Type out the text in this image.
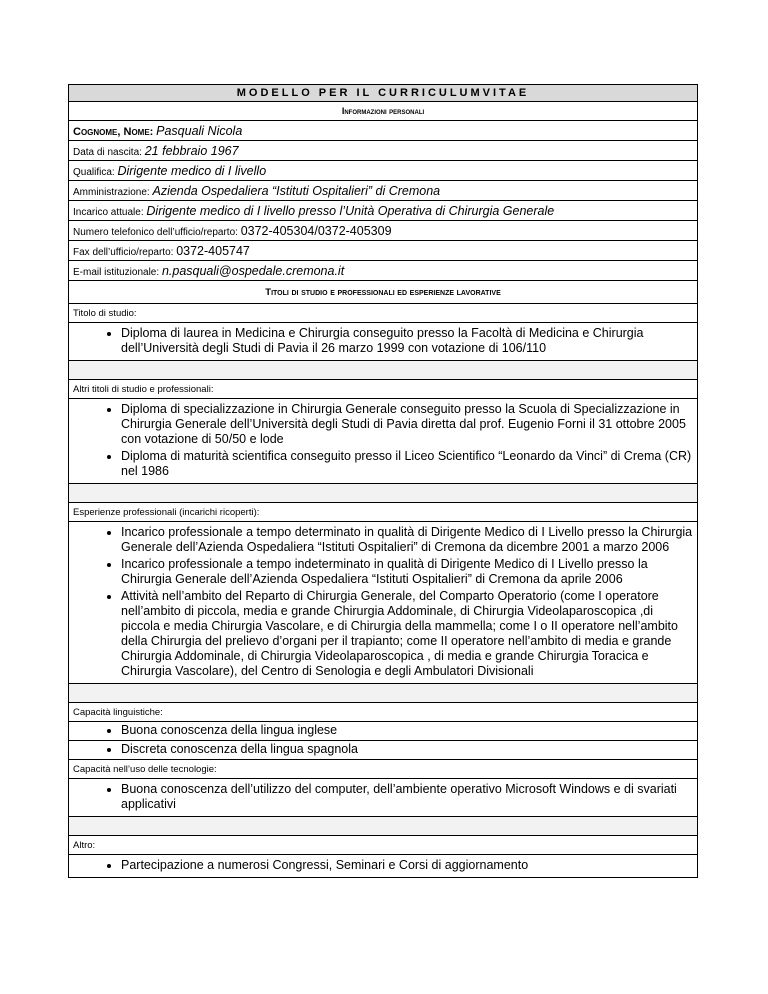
MODELLO PER IL CURRICULUMVITAE
Informazioni personali
Cognome, Nome: Pasquali Nicola
Data di nascita: 21 febbraio 1967
Qualifica: Dirigente medico di I livello
Amministrazione: Azienda Ospedaliera “Istituti Ospitalieri” di Cremona
Incarico attuale: Dirigente medico di I livello presso l’Unità Operativa di Chirurgia Generale
Numero telefonico dell’ufficio/reparto: 0372-405304/0372-405309
Fax dell’ufficio/reparto: 0372-405747
E-mail istituzionale: n.pasquali@ospedale.cremona.it
Titoli di studio e professionali ed esperienze lavorative
Titolo di studio:

• Diploma di laurea in Medicina e Chirurgia conseguito presso la Facoltà di Medicina e Chirurgia dell’Università degli Studi di Pavia il 26 marzo 1999 con votazione di 106/110

Altri titoli di studio e professionali:

• Diploma di specializzazione in Chirurgia Generale conseguito presso la Scuola di Specializzazione in Chirurgia Generale dell’Università degli Studi di Pavia diretta dal prof. Eugenio Forni il 31 ottobre 2005 con votazione di 50/50 e lode
• Diploma di maturità scientifica conseguito presso il Liceo Scientifico “Leonardo da Vinci” di Crema (CR) nel 1986

Esperienze professionali (incarichi ricoperti):

• Incarico professionale a tempo determinato in qualità di Dirigente Medico di I Livello presso la Chirurgia Generale dell’Azienda Ospedaliera “Istituti Ospitalieri” di Cremona da dicembre 2001 a marzo 2006
• Incarico professionale a tempo indeterminato in qualità di Dirigente Medico di I Livello presso la Chirurgia Generale dell’Azienda Ospedaliera “Istituti Ospitalieri” di Cremona da aprile 2006
• Attività nell’ambito del Reparto di Chirurgia Generale, del Comparto Operatorio (come I operatore nell’ambito di piccola, media e grande Chirurgia Addominale, di Chirurgia Videolaparoscopica ,di piccola e media Chirurgia Vascolare, e di Chirurgia della mammella; come I o II operatore nell’ambito della Chirurgia del prelievo d’organi per il trapianto; come II operatore nell’ambito di media e grande Chirurgia Addominale, di Chirurgia Videolaparoscopica , di media e grande Chirurgia Toracica e Chirurgia Vascolare), del Centro di Senologia e degli Ambulatori Divisionali

Capacità linguistiche:

• Buona conoscenza della lingua inglese

• Discreta conoscenza della lingua spagnola

Capacità nell’uso delle tecnologie:

• Buona conoscenza dell’utilizzo del computer, dell’ambiente operativo Microsoft Windows e di svariati applicativi

Altro:

• Partecipazione a numerosi Congressi, Seminari e Corsi di aggiornamento
